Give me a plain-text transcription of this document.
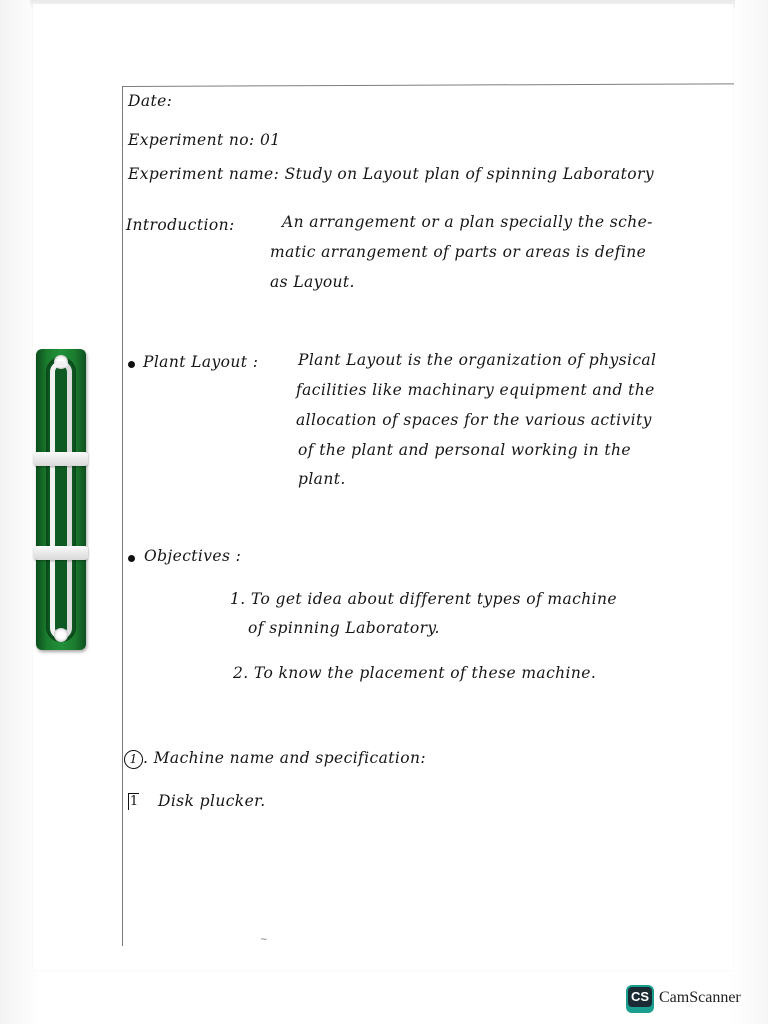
Date:
Experiment no: 01
Experiment name: Study on Layout plan of spinning Laboratory
Introduction:	An arrangement or a plan specially the sche-
matic arrangement of parts or areas is define
as Layout.
Plant Layout :	Plant Layout is the organization of physical
facilities like machinary equipment and the
allocation of spaces for the various activity
of the plant and personal working in the
plant.
Objectives :
1. To get idea about different types of machine
of spinning Laboratory.
2. To know the placement of these machine.
1 . Machine name and specification:
1 Disk plucker.
~
CS CamScanner
